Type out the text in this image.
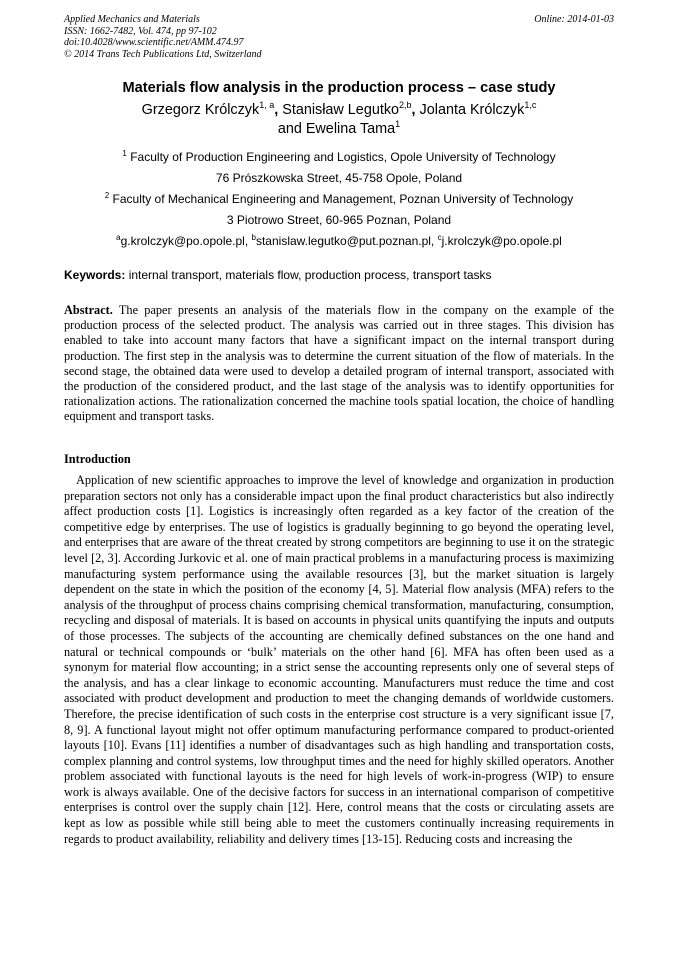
Applied Mechanics and Materials
ISSN: 1662-7482, Vol. 474, pp 97-102
doi:10.4028/www.scientific.net/AMM.474.97
© 2014 Trans Tech Publications Ltd, Switzerland
Online: 2014-01-03
Materials flow analysis in the production process – case study
Grzegorz Królczyk$^{1, a}$, Stanisław Legutko$^{2,b}$, Jolanta Królczyk$^{1,c}$
and Ewelina Tama$^1$
$^1$ Faculty of Production Engineering and Logistics, Opole University of Technology
76 Prószkowska Street, 45-758 Opole, Poland
$^2$ Faculty of Mechanical Engineering and Management, Poznan University of Technology
3 Piotrowo Street, 60-965 Poznan, Poland
$^a$g.krolczyk@po.opole.pl, $^b$stanislaw.legutko@put.poznan.pl, $^c$j.krolczyk@po.opole.pl
Keywords: internal transport, materials flow, production process, transport tasks

Abstract. The paper presents an analysis of the materials flow in the company on the example of the production process of the selected product. The analysis was carried out in three stages. This division has enabled to take into account many factors that have a significant impact on the internal transport during production. The first step in the analysis was to determine the current situation of the flow of materials. In the second stage, the obtained data were used to develop a detailed program of internal transport, associated with the production of the considered product, and the last stage of the analysis was to identify opportunities for rationalization actions. The rationalization concerned the machine tools spatial location, the choice of handling equipment and transport tasks.

Introduction

Application of new scientific approaches to improve the level of knowledge and organization in production preparation sectors not only has a considerable impact upon the final product characteristics but also indirectly affect production costs [1]. Logistics is increasingly often regarded as a key factor of the creation of the competitive edge by enterprises. The use of logistics is gradually beginning to go beyond the operating level, and enterprises that are aware of the threat created by strong competitors are beginning to use it on the strategic level [2, 3]. According Jurkovic et al. one of main practical problems in a manufacturing process is maximizing manufacturing system performance using the available resources [3], but the market situation is largely dependent on the state in which the position of the economy [4, 5]. Material flow analysis (MFA) refers to the analysis of the throughput of process chains comprising chemical transformation, manufacturing, consumption, recycling and disposal of materials. It is based on accounts in physical units quantifying the inputs and outputs of those processes. The subjects of the accounting are chemically defined substances on the one hand and natural or technical compounds or ‘bulk’ materials on the other hand [6]. MFA has often been used as a synonym for material flow accounting; in a strict sense the accounting represents only one of several steps of the analysis, and has a clear linkage to economic accounting. Manufacturers must reduce the time and cost associated with product development and production to meet the changing demands of worldwide customers. Therefore, the precise identification of such costs in the enterprise cost structure is a very significant issue [7, 8, 9]. A functional layout might not offer optimum manufacturing performance compared to product-oriented layouts [10]. Evans [11] identifies a number of disadvantages such as high handling and transportation costs, complex planning and control systems, low throughput times and the need for highly skilled operators. Another problem associated with functional layouts is the need for high levels of work-in-progress (WIP) to ensure work is always available. One of the decisive factors for success in an international comparison of competitive enterprises is control over the supply chain [12]. Here, control means that the costs or circulating assets are kept as low as possible while still being able to meet the customers continually increasing requirements in regards to product availability, reliability and delivery times [13-15]. Reducing costs and increasing the
